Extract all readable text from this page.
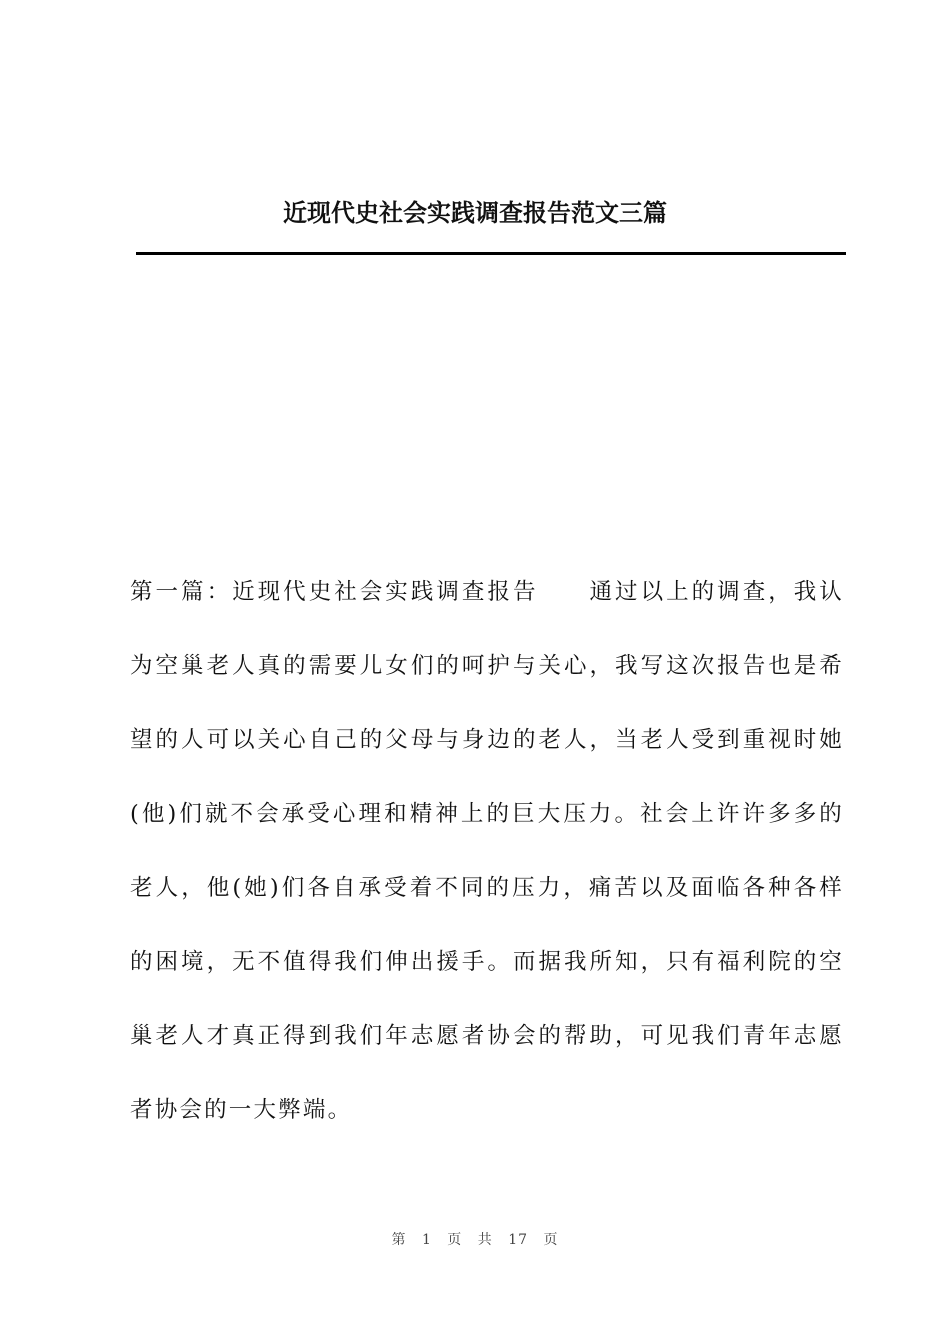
近现代史社会实践调查报告范文三篇
第一篇：近现代史社会实践调查报告　　通过以上的调查，我认
为空巢老人真的需要儿女们的呵护与关心，我写这次报告也是希
望的人可以关心自己的父母与身边的老人，当老人受到重视时她
(他)们就不会承受心理和精神上的巨大压力。社会上许许多多的
老人，他(她)们各自承受着不同的压力，痛苦以及面临各种各样
的困境，无不值得我们伸出援手。而据我所知，只有福利院的空
巢老人才真正得到我们年志愿者协会的帮助，可见我们青年志愿
者协会的一大弊端。
第 1 页 共 17 页
